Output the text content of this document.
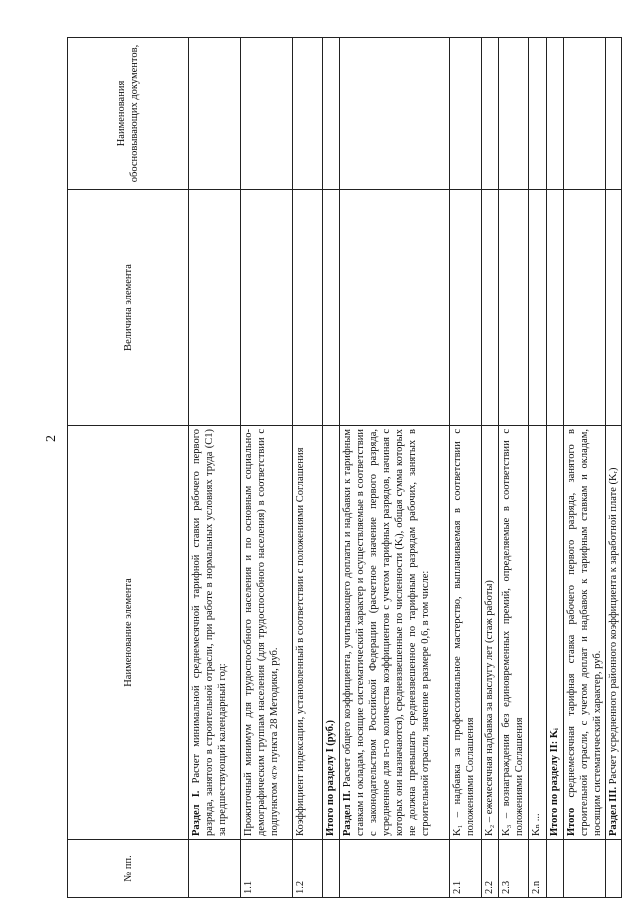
2
№ пп.	Наименование элемента	Величина элемента	Наименования обосновывающих документов,
	Раздел I. Расчет минимальной среднемесячной тарифной ставки рабочего первого разряда, занятого в строительной отрасли, при работе в нормальных условиях труда (С1) за предшествующий календарный год:		
1.1	Прожиточный минимум для трудоспособного населения и по основным социально-демографическим группам населения (для трудоспособного населения) в соответствии с подпунктом «г» пункта 28 Методики, руб.		
1.2	Коэффициент индексации, установленный в соответствии с положениями Соглашения		
	Итого по разделу I (руб.)		
	Раздел II. Расчет общего коэффициента, учитывающего доплаты и надбавки к тарифным ставкам и окладам, носящие систематический характер и осуществляемые в соответствии с законодательством Российской Федерации (расчетное значение первого разряда, усредненное для n-го количества коэффициентов с учетом тарифных разрядов, начиная с которых они назначаются), средневзвешенные по численности (Kᵢ), общая сумма которых не должна превышать средневзвешенное по тарифным разрядам рабочих, занятых в строительной отрасли, значение в размере 0,6, в том числе:		
2.1	K₁ – надбавка за профессиональное мастерство, выплачиваемая в соответствии с положениями Соглашения		
2.2	K₂ – ежемесячная надбавка за выслугу лет (стаж работы)		
2.3	K₃ – вознаграждения без единовременных премий, определяемые в соответствии с положениями Соглашения		
2.n	Kₙ ...		
	Итого по разделу II: Kᵢ		
	Итого среднемесячная тарифная ставка рабочего первого разряда, занятого в строительной отрасли, с учетом доплат и надбавок к тарифным ставкам и окладам, носящим систематический характер, руб.		
	Раздел III. Расчет усредненного районного коэффициента к заработной плате (Kᵣ)		
